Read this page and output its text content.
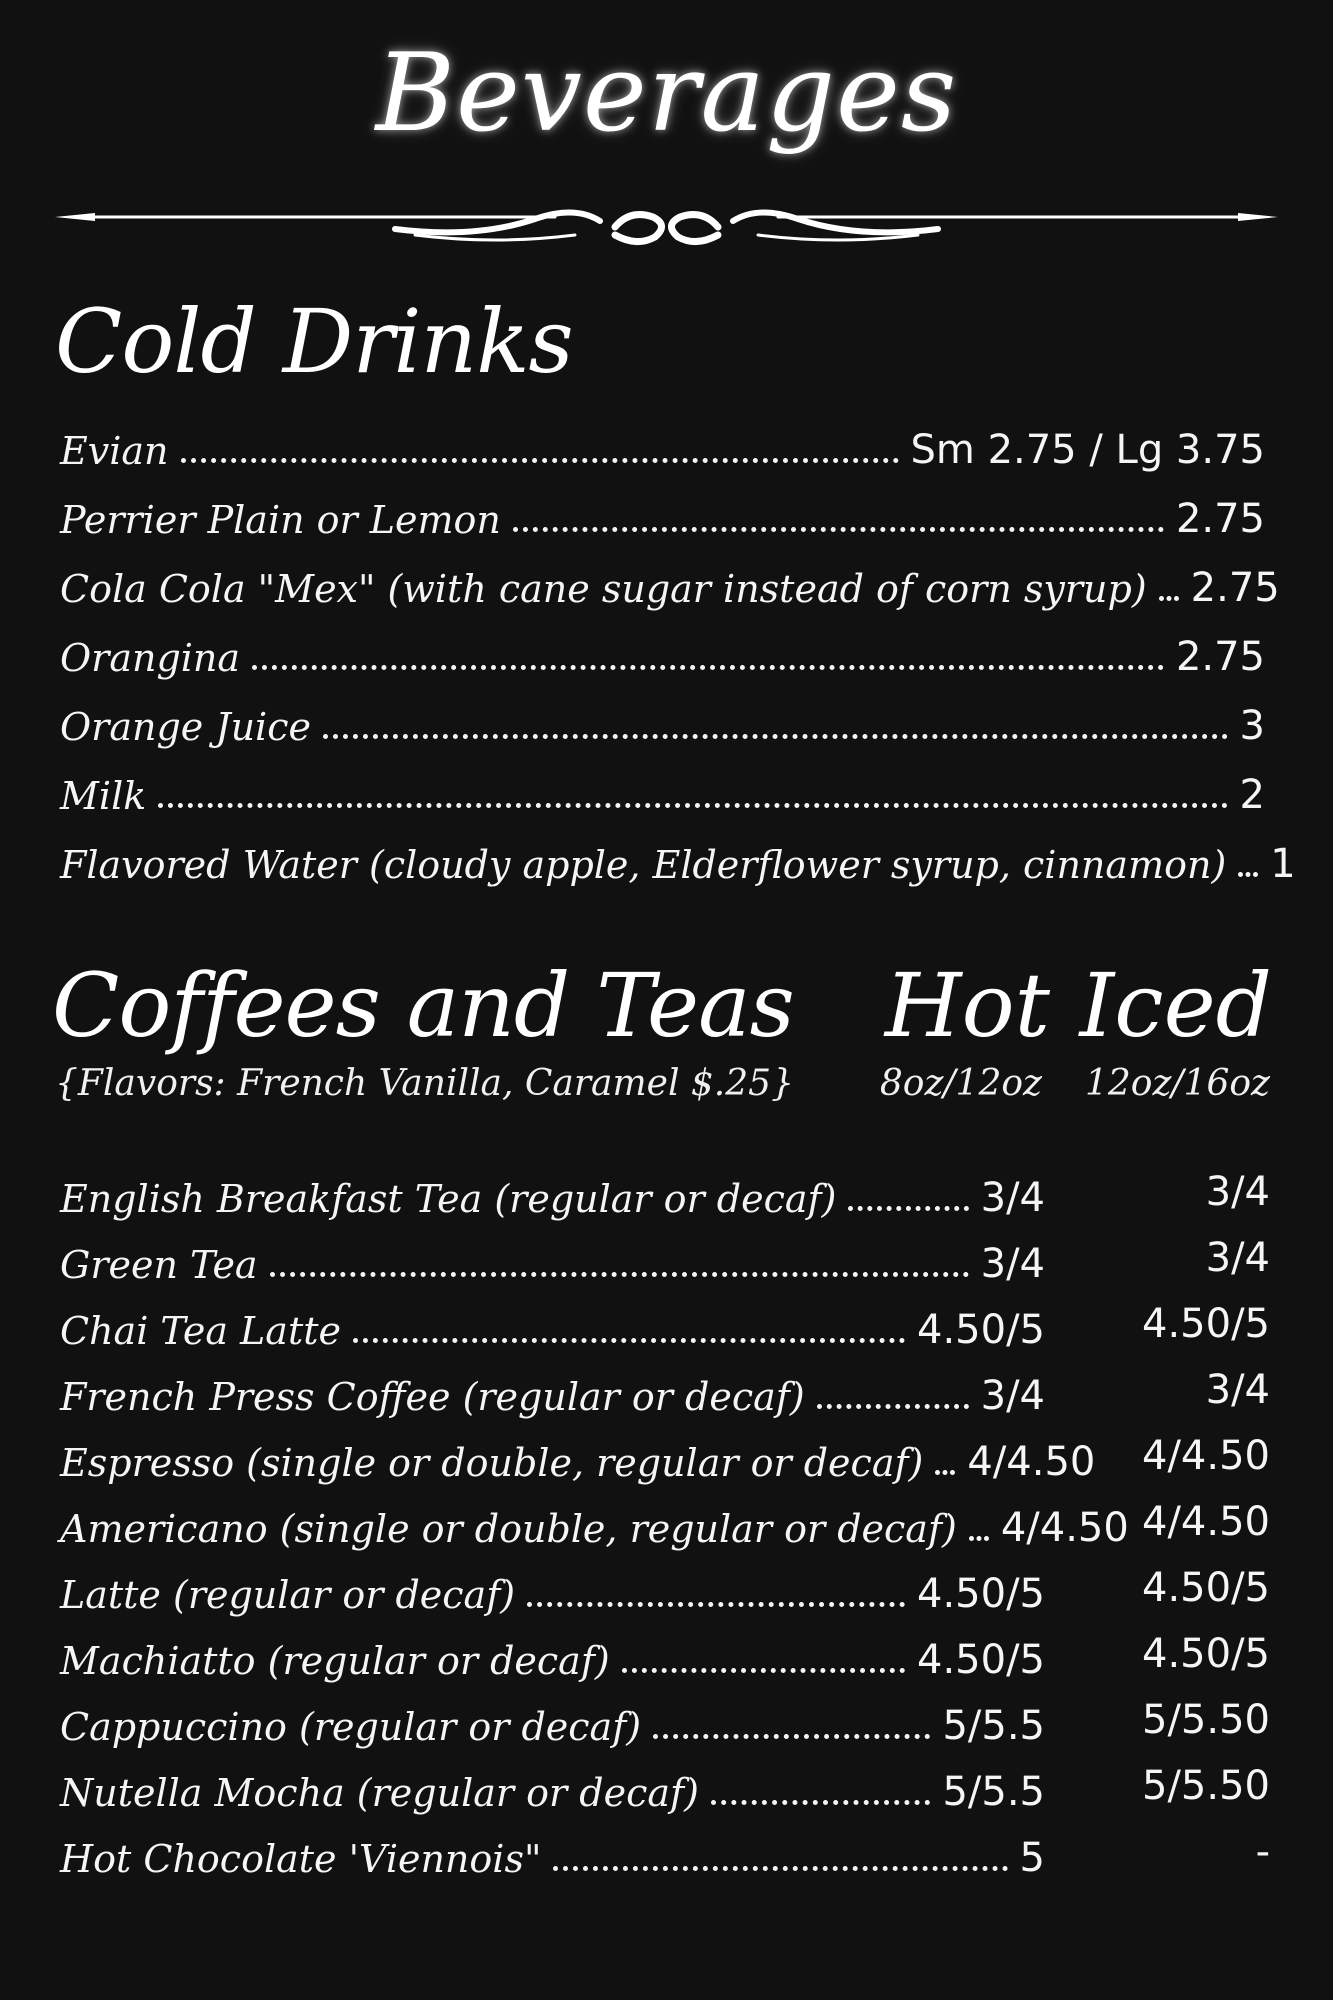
Beverages
Cold Drinks
Evian	Sm 2.75 / Lg 3.75
Perrier Plain or Lemon	2.75
Cola Cola "Mex" (with cane sugar instead of corn syrup) 2.75
Orangina	2.75
Orange Juice	3
Milk	2
Flavored Water (cloudy apple, Elderflower syrup, cinnamon) 1
Coffees and Teas
{Flavors: French Vanilla, Caramel $.25}
Hot Iced
8oz/12oz	12oz/16oz
English Breakfast Tea (regular or decaf)	3/4	3/4
Green Tea	3/4	3/4
Chai Tea Latte	4.50/5	4.50/5
French Press Coffee (regular or decaf)	3/4	3/4
Espresso (single or double, regular or decaf) 4/4.50	4/4.50
Americano (single or double, regular or decaf) 4/4.50 4/4.50
Latte (regular or decaf)	4.50/5	4.50/5
Machiatto (regular or decaf)	4.50/5	4.50/5
Cappuccino (regular or decaf)	5/5.5	5/5.50
Nutella Mocha (regular or decaf)	5/5.5	5/5.50
Hot Chocolate 'Viennois"	5	-
